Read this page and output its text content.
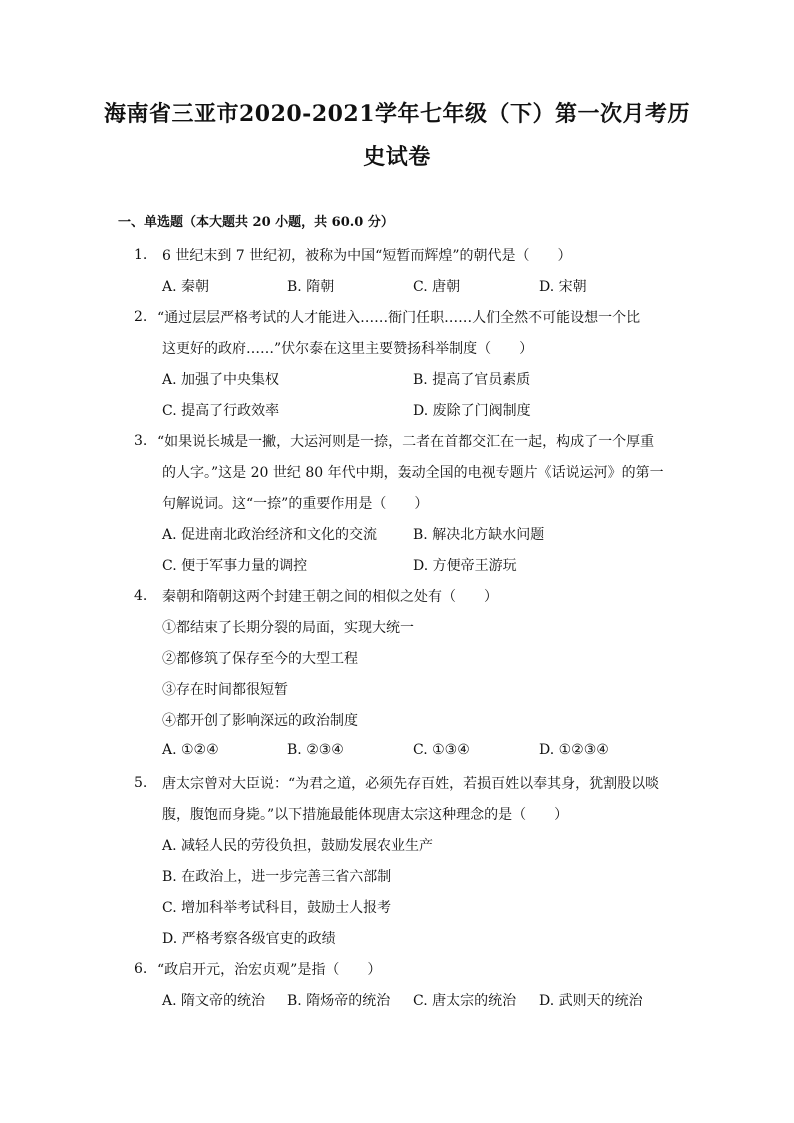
海南省三亚市2020-2021学年七年级（下）第一次月考历
史试卷
一、单选题（本大题共 20 小题，共 60.0 分）
1. 6 世纪末到 7 世纪初，被称为中国“短暂而辉煌”的朝代是（　　）
A. 秦朝	B. 隋朝	C. 唐朝	D. 宋朝
2. “通过层层严格考试的人才能进入……衙门任职……人们全然不可能设想一个比
这更好的政府……”伏尔泰在这里主要赞扬科举制度（　　）
A. 加强了中央集权	B. 提高了官员素质
C. 提高了行政效率	D. 废除了门阀制度
3. “如果说长城是一撇，大运河则是一捺，二者在首都交汇在一起，构成了一个厚重
的人字。”这是 20 世纪 80 年代中期，轰动全国的电视专题片《话说运河》的第一
句解说词。这“一捺”的重要作用是（　　）
A. 促进南北政治经济和文化的交流	B. 解决北方缺水问题
C. 便于军事力量的调控	D. 方便帝王游玩
4. 秦朝和隋朝这两个封建王朝之间的相似之处有（　　）
①都结束了长期分裂的局面，实现大统一
②都修筑了保存至今的大型工程
③存在时间都很短暂
④都开创了影响深远的政治制度
A. ①②④	B. ②③④	C. ①③④	D. ①②③④
5. 唐太宗曾对大臣说：“为君之道，必须先存百姓，若损百姓以奉其身，犹割股以啖
腹，腹饱而身毙。”以下措施最能体现唐太宗这种理念的是（　　）
A. 减轻人民的劳役负担，鼓励发展农业生产
B. 在政治上，进一步完善三省六部制
C. 增加科举考试科目，鼓励士人报考
D. 严格考察各级官吏的政绩
6. “政启开元，治宏贞观”是指（　　）
A. 隋文帝的统治 B. 隋炀帝的统治 C. 唐太宗的统治 D. 武则天的统治
